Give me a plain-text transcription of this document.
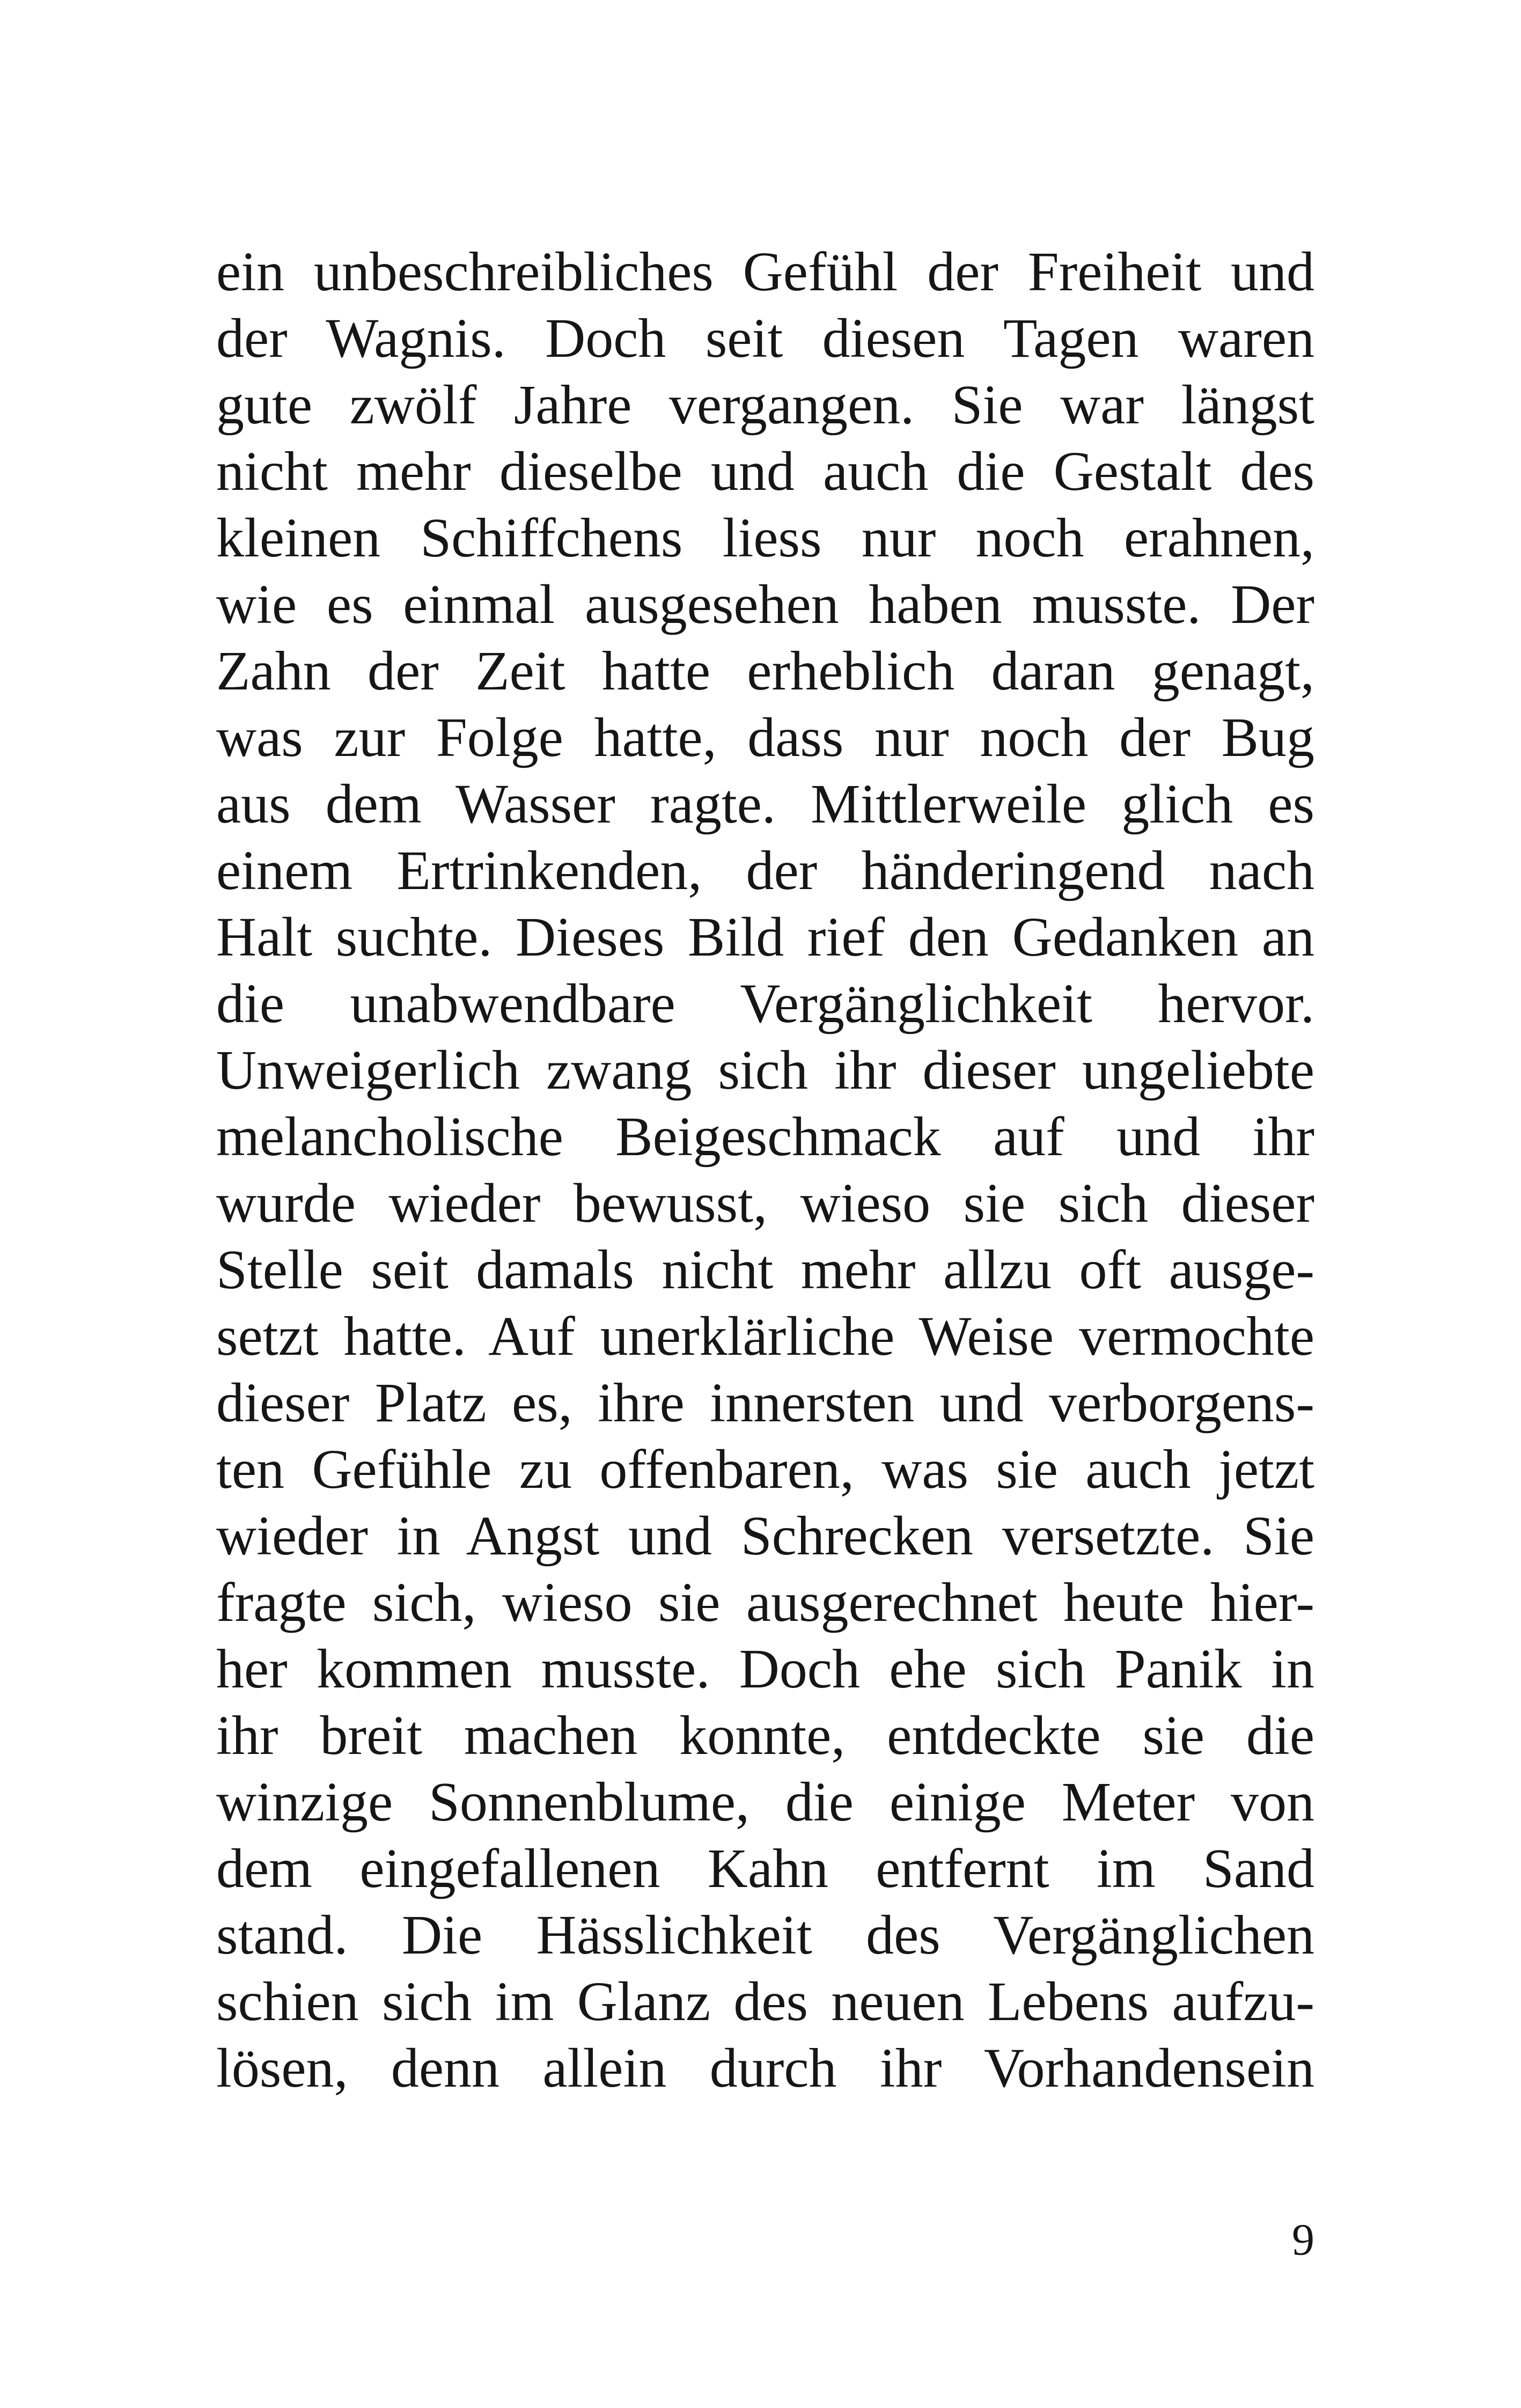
ein unbeschreibliches Gefühl der Freiheit und
der Wagnis. Doch seit diesen Tagen waren
gute zwölf Jahre vergangen. Sie war längst
nicht mehr dieselbe und auch die Gestalt des
kleinen Schiffchens liess nur noch erahnen,
wie es einmal ausgesehen haben musste. Der
Zahn der Zeit hatte erheblich daran genagt,
was zur Folge hatte, dass nur noch der Bug
aus dem Wasser ragte. Mittlerweile glich es
einem Ertrinkenden, der händeringend nach
Halt suchte. Dieses Bild rief den Gedanken an
die unabwendbare Vergänglichkeit hervor.
Unweigerlich zwang sich ihr dieser ungeliebte
melancholische Beigeschmack auf und ihr
wurde wieder bewusst, wieso sie sich dieser
Stelle seit damals nicht mehr allzu oft ausge-
setzt hatte. Auf unerklärliche Weise vermochte
dieser Platz es, ihre innersten und verborgens-
ten Gefühle zu offenbaren, was sie auch jetzt
wieder in Angst und Schrecken versetzte. Sie
fragte sich, wieso sie ausgerechnet heute hier-
her kommen musste. Doch ehe sich Panik in
ihr breit machen konnte, entdeckte sie die
winzige Sonnenblume, die einige Meter von
dem eingefallenen Kahn entfernt im Sand
stand. Die Hässlichkeit des Vergänglichen
schien sich im Glanz des neuen Lebens aufzu-
lösen, denn allein durch ihr Vorhandensein
9
